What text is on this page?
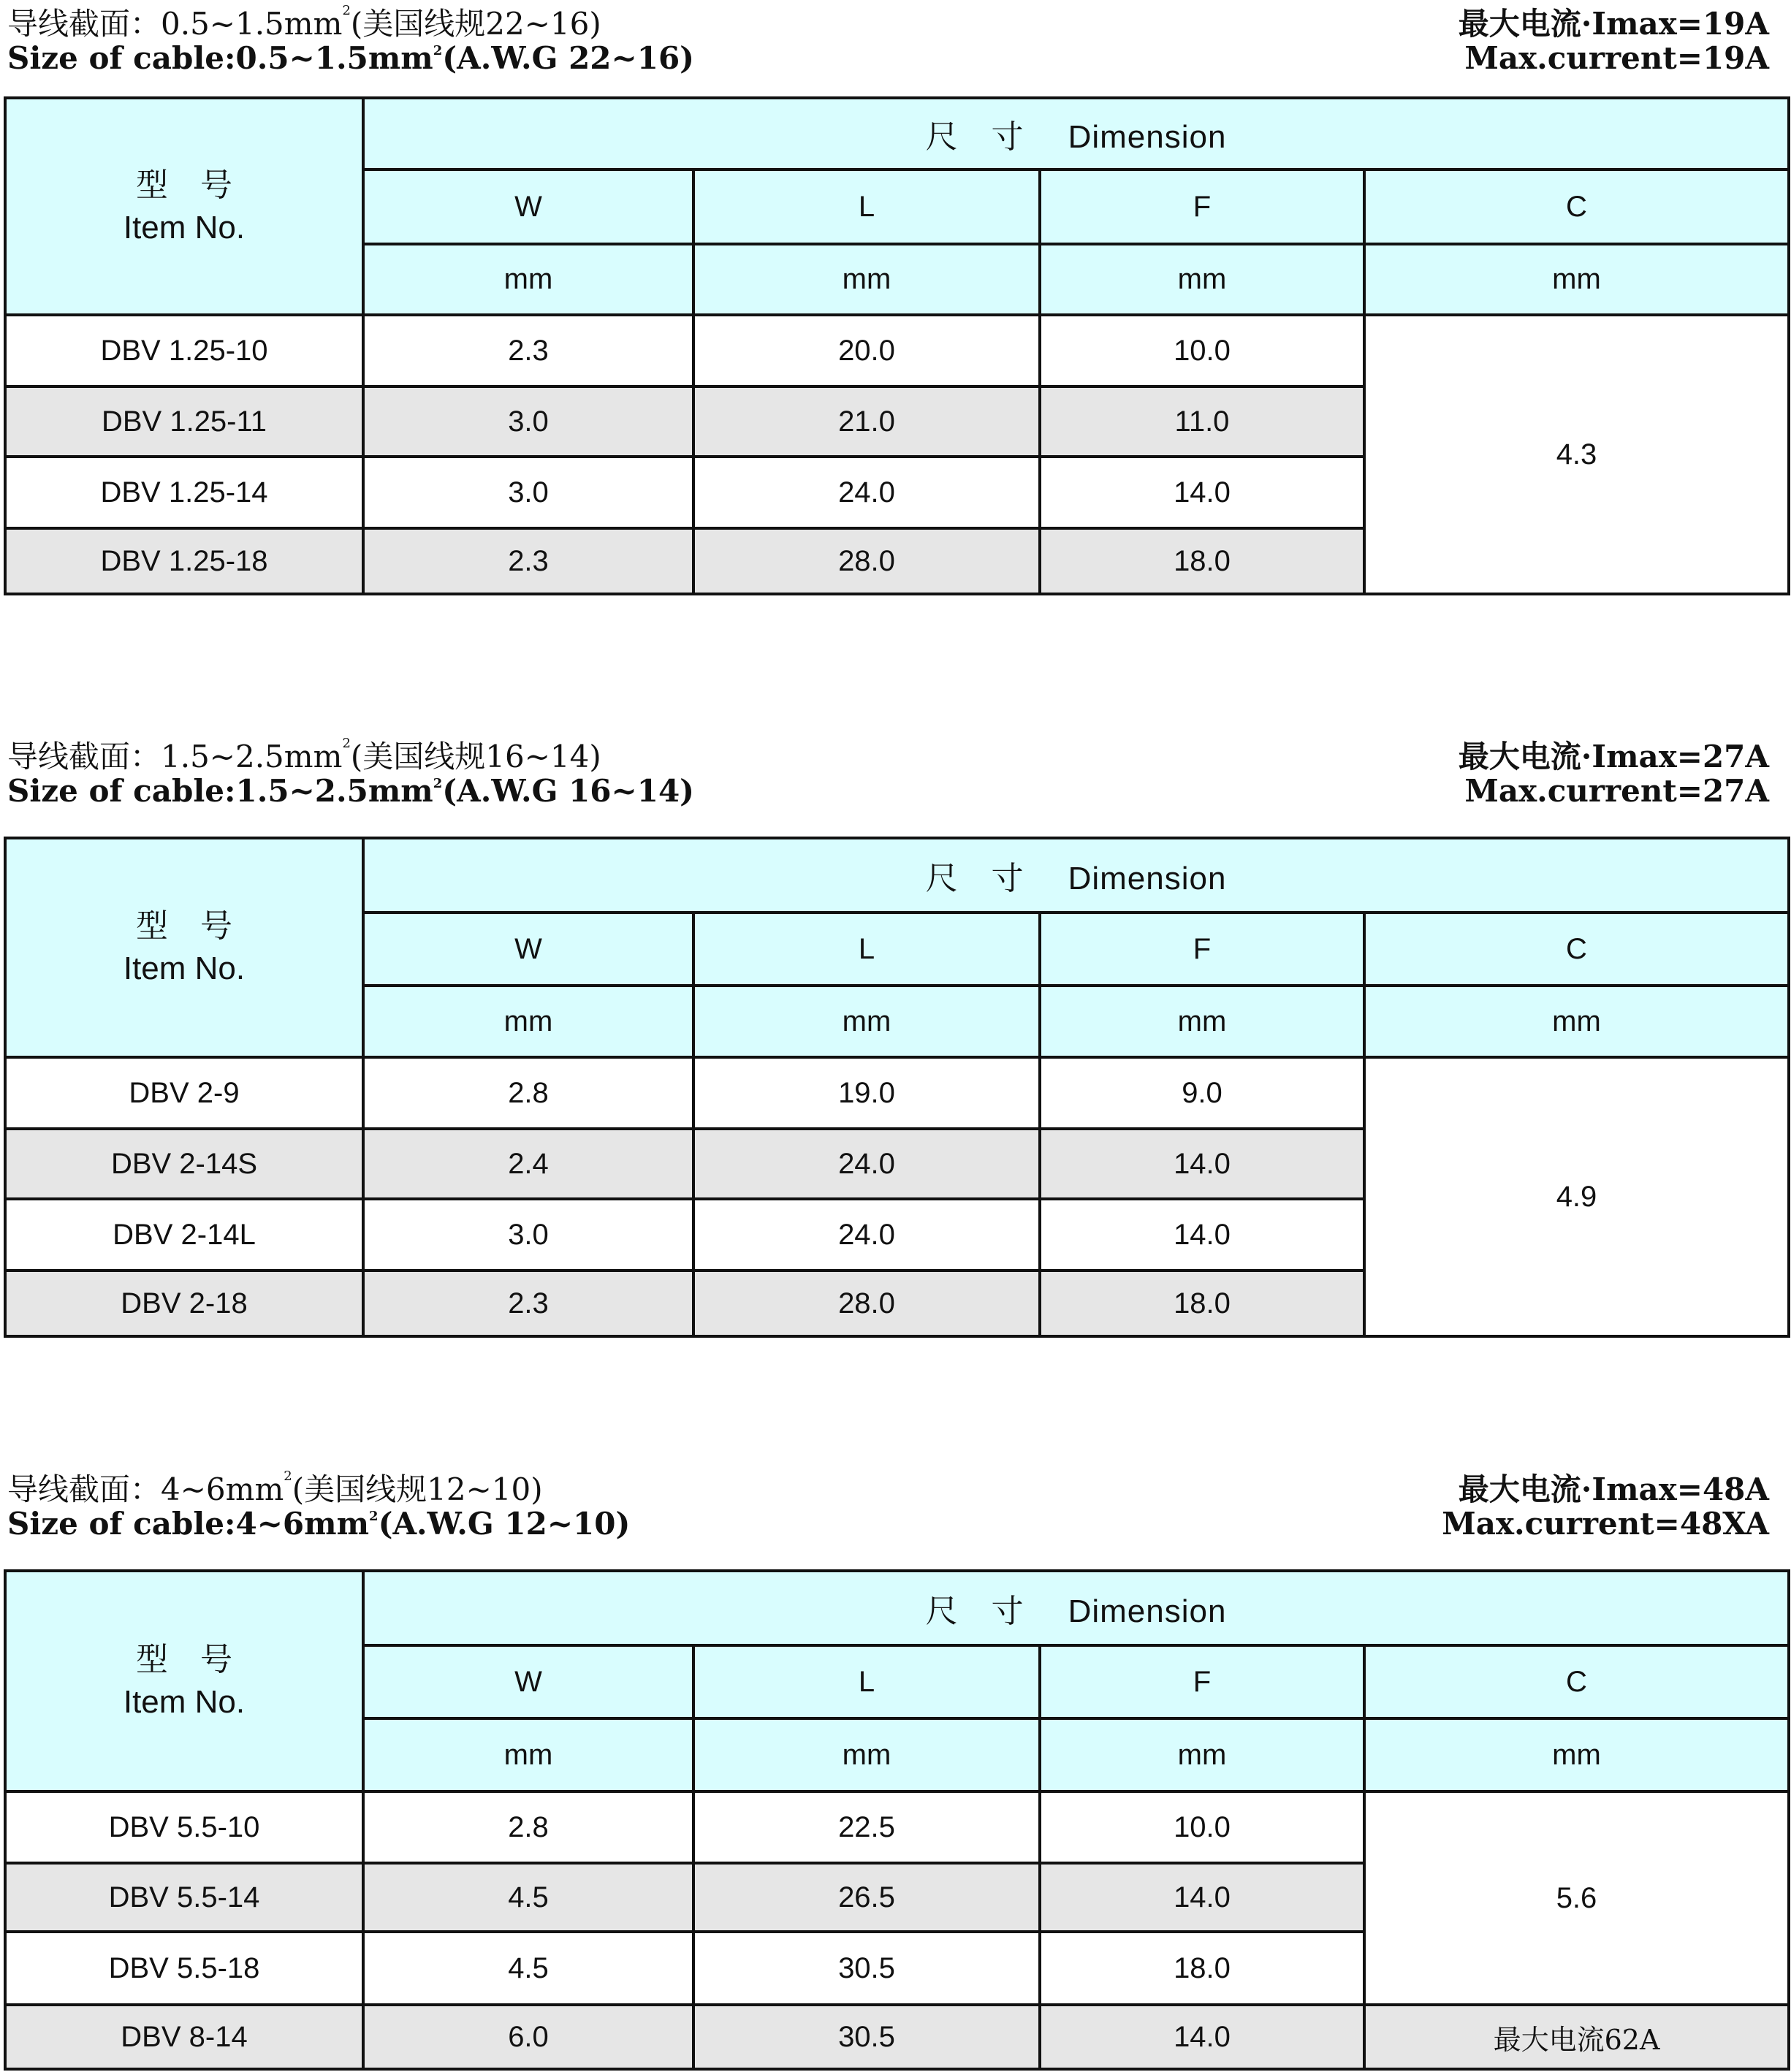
导线截面：$0.5\sim 1.5mm^2$(美国线规22~16)
Size of $cable:0.5\sim 1.5mm^2(A.W.G$ 22~16)
最大电流·Imax=19A
Max.current=19A
型　号
Item No.	尺　寸 Dimension			
	W	L	F	C
	mm	mm	mm	mm
DBV 1.25-10	2.3	20.0	10.0	4.3
DBV 1.25-11	3.0	21.0	11.0	
DBV 1.25-14	3.0	24.0	14.0	
DBV 1.25-18	2.3	28.0	18.0	
导线截面：$1.5\sim 2.5mm^2$(美国线规16~14)
Size of $cable:1.5\sim 2.5mm^2(A.W.G$ 16~14)
最大电流·Imax=27A
Max.current=27A
型　号
Item No.	尺　寸 Dimension			
	W	L	F	C
	mm	mm	mm	mm
DBV 2-9	2.8	19.0	9.0	4.9
DBV 2-14S	2.4	24.0	14.0	
DBV 2-14L	3.0	24.0	14.0	
DBV 2-18	2.3	28.0	18.0	
导线截面：$4\sim 6mm^2$(美国线规12~10)
Size of $cable:4\sim 6mm^2(A.W.G$ 12~10)
最大电流·Imax=48A
Max.current=48XA
型　号
Item No.	尺　寸 Dimension			
	W	L	F	C
	mm	mm	mm	mm
DBV 5.5-10	2.8	22.5	10.0	5.6
DBV 5.5-14	4.5	26.5	14.0	
DBV 5.5-18	4.5	30.5	18.0	
DBV 8-14	6.0	30.5	14.0	最大电流62A
